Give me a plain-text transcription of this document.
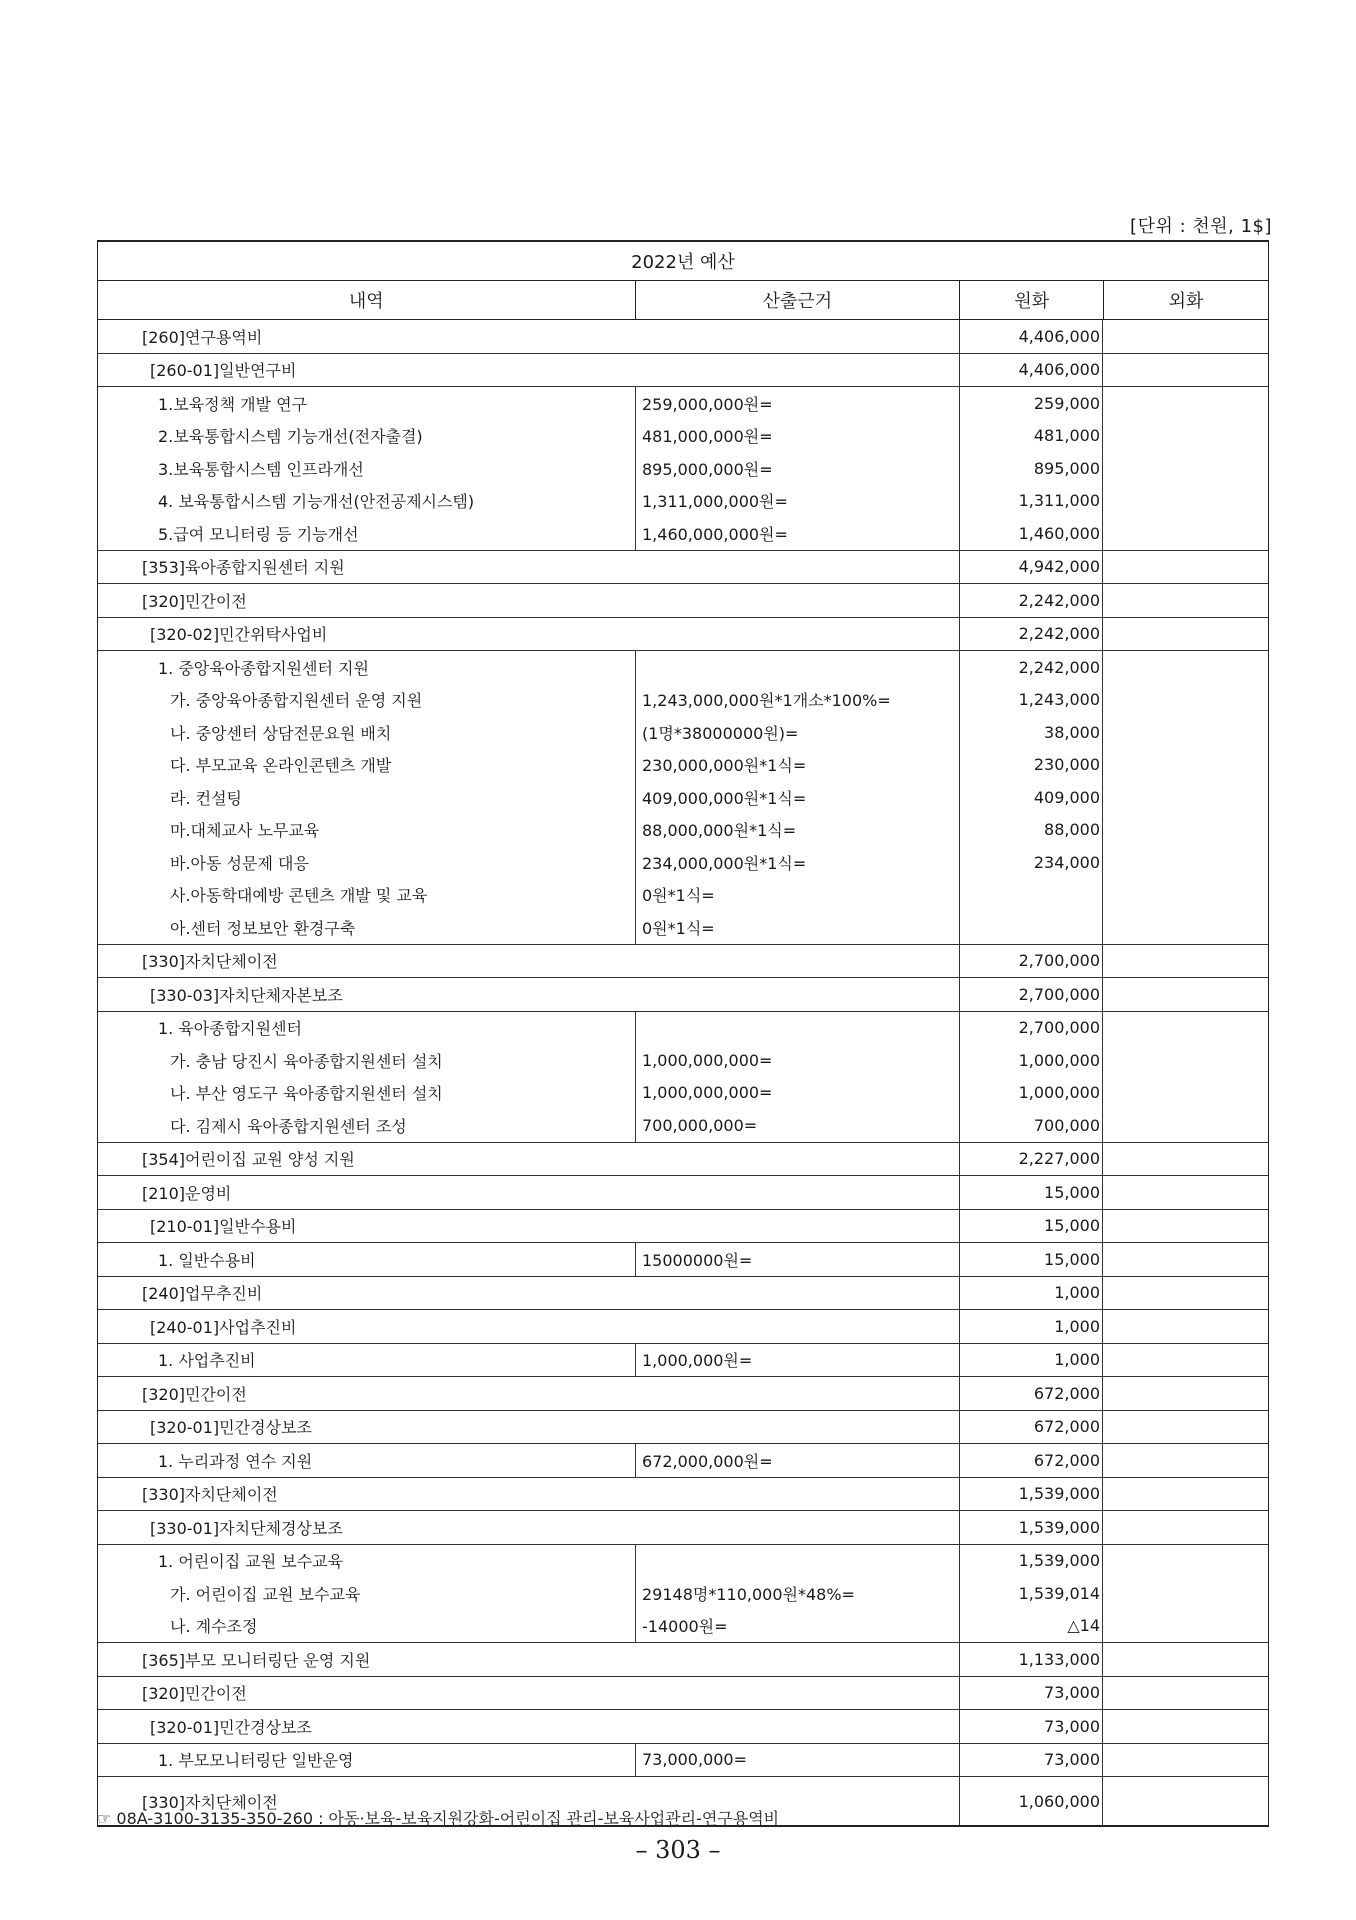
[단위 : 천원, 1$]
2022년 예산
내역	산출근거	원화	외화
[260]연구용역비	4,406,000
[260-01]일반연구비	4,406,000
1.보육정책 개발 연구	259,000,000원=	259,000
2.보육통합시스템 기능개선(전자출결)	481,000,000원=	481,000
3.보육통합시스템 인프라개선	895,000,000원=	895,000
4. 보육통합시스템 기능개선(안전공제시스템)	1,311,000,000원=	1,311,000
5.급여 모니터링 등 기능개선	1,460,000,000원=	1,460,000
[353]육아종합지원센터 지원	4,942,000
[320]민간이전	2,242,000
[320-02]민간위탁사업비	2,242,000
1. 중앙육아종합지원센터 지원	2,242,000
가. 중앙육아종합지원센터 운영 지원	1,243,000,000원*1개소*100%=	1,243,000
나. 중앙센터 상담전문요원 배치	(1명*38000000원)=	38,000
다. 부모교육 온라인콘텐츠 개발	230,000,000원*1식=	230,000
라. 컨설팅	409,000,000원*1식=	409,000
마.대체교사 노무교육	88,000,000원*1식=	88,000
바.아동 성문제 대응	234,000,000원*1식=	234,000
사.아동학대예방 콘텐츠 개발 및 교육	0원*1식=
아.센터 정보보안 환경구축	0원*1식=
[330]자치단체이전	2,700,000
[330-03]자치단체자본보조	2,700,000
1. 육아종합지원센터	2,700,000
가. 충남 당진시 육아종합지원센터 설치	1,000,000,000=	1,000,000
나. 부산 영도구 육아종합지원센터 설치	1,000,000,000=	1,000,000
다. 김제시 육아종합지원센터 조성	700,000,000=	700,000
[354]어린이집 교원 양성 지원	2,227,000
[210]운영비	15,000
[210-01]일반수용비	15,000
1. 일반수용비	15000000원=	15,000
[240]업무추진비	1,000
[240-01]사업추진비	1,000
1. 사업추진비	1,000,000원=	1,000
[320]민간이전	672,000
[320-01]민간경상보조	672,000
1. 누리과정 연수 지원	672,000,000원=	672,000
[330]자치단체이전	1,539,000
[330-01]자치단체경상보조	1,539,000
1. 어린이집 교원 보수교육	1,539,000
가. 어린이집 교원 보수교육	29148명*110,000원*48%=	1,539,014
나. 계수조정	-14000원=	△14
[365]부모 모니터링단 운영 지원	1,133,000
[320]민간이전	73,000
[320-01]민간경상보조	73,000
1. 부모모니터링단 일반운영	73,000,000=	73,000
[330]자치단체이전	1,060,000
☞ 08A-3100-3135-350-260 : 아동·보육-보육지원강화-어린이집 관리-보육사업관리-연구용역비
– 303 –
